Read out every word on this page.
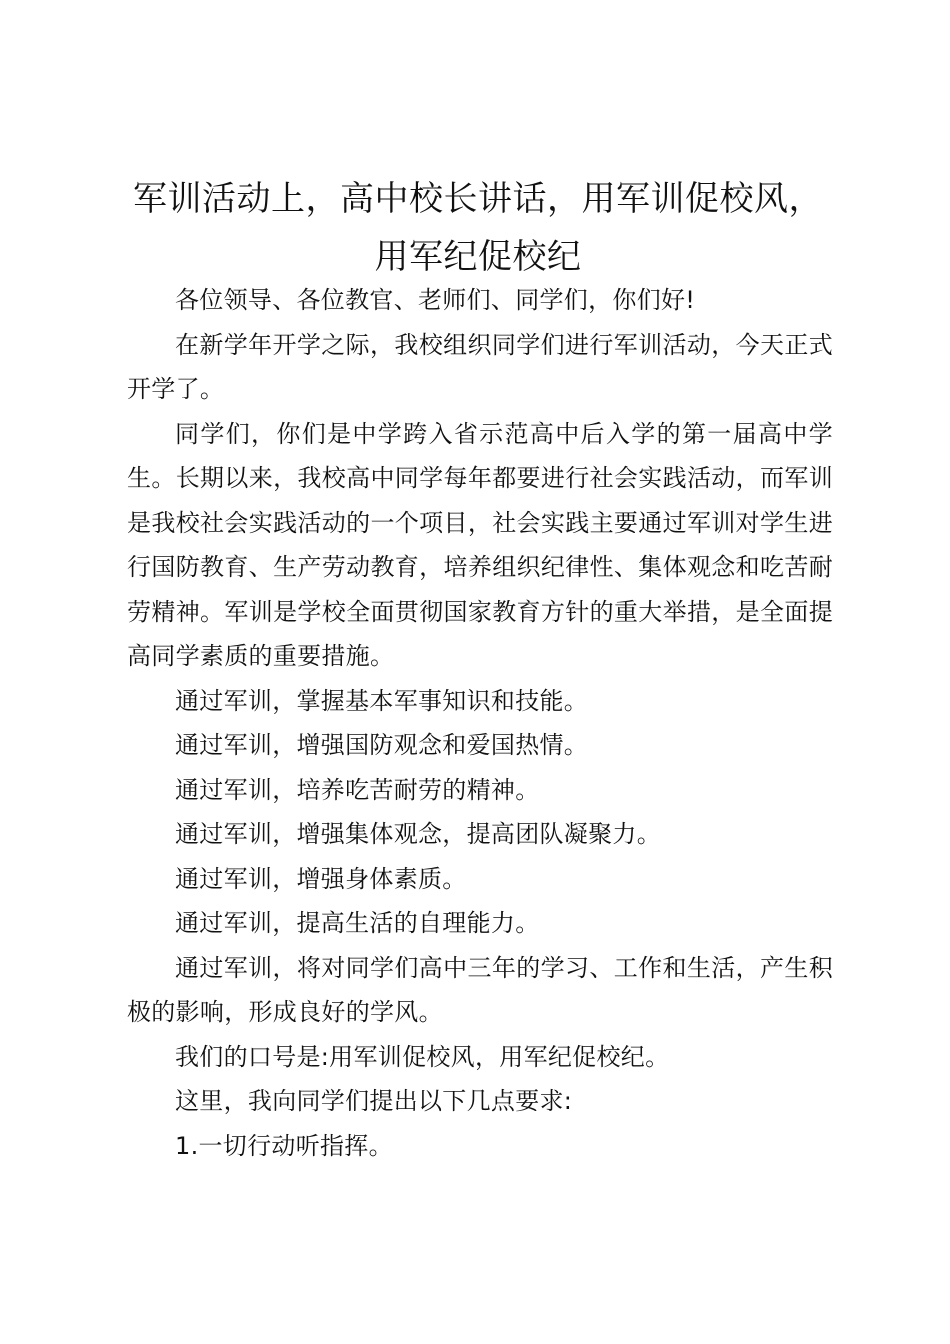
军训活动上，高中校长讲话，用军训促校风，用军纪促校纪

各位领导、各位教官、老师们、同学们，你们好!

在新学年开学之际，我校组织同学们进行军训活动，今天正式开学了。

同学们，你们是中学跨入省示范高中后入学的第一届高中学生。长期以来，我校高中同学每年都要进行社会实践活动，而军训是我校社会实践活动的一个项目，社会实践主要通过军训对学生进行国防教育、生产劳动教育，培养组织纪律性、集体观念和吃苦耐劳精神。军训是学校全面贯彻国家教育方针的重大举措，是全面提高同学素质的重要措施。

通过军训，掌握基本军事知识和技能。

通过军训，增强国防观念和爱国热情。

通过军训，培养吃苦耐劳的精神。

通过军训，增强集体观念，提高团队凝聚力。

通过军训，增强身体素质。

通过军训，提高生活的自理能力。

通过军训，将对同学们高中三年的学习、工作和生活，产生积极的影响，形成良好的学风。

我们的口号是:用军训促校风，用军纪促校纪。

这里，我向同学们提出以下几点要求:

1.一切行动听指挥。
